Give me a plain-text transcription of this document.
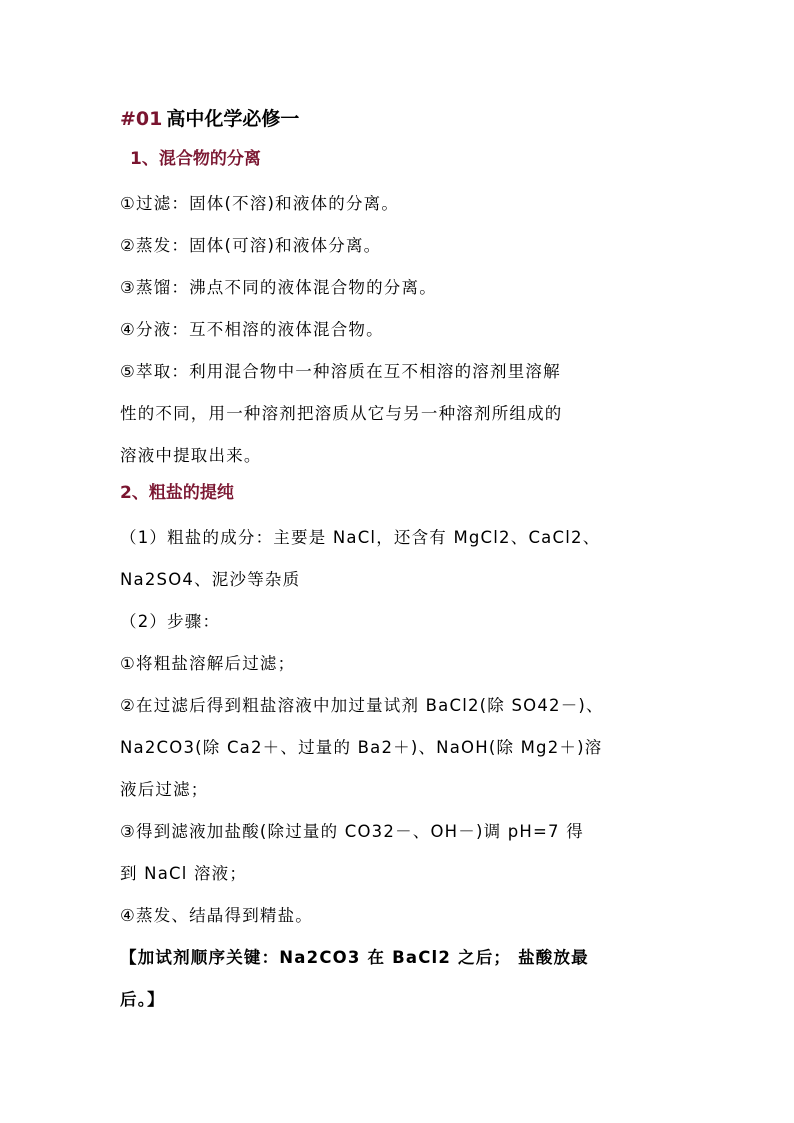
#01 高中化学必修一
1、混合物的分离
①过滤：固体(不溶)和液体的分离。
②蒸发：固体(可溶)和液体分离。
③蒸馏：沸点不同的液体混合物的分离。
④分液：互不相溶的液体混合物。
⑤萃取：利用混合物中一种溶质在互不相溶的溶剂里溶解
性的不同，用一种溶剂把溶质从它与另一种溶剂所组成的
溶液中提取出来。
2、粗盐的提纯
（1）粗盐的成分：主要是 NaCl，还含有 MgCl2、CaCl2、
Na2SO4、泥沙等杂质
（2）步骤：
①将粗盐溶解后过滤；
②在过滤后得到粗盐溶液中加过量试剂 BaCl2(除 SO42－)、
Na2CO3(除 Ca2＋、过量的 Ba2＋)、NaOH(除 Mg2＋)溶
液后过滤；
③得到滤液加盐酸(除过量的 CO32－、OH－)调 pH=7 得
到 NaCl 溶液；
④蒸发、结晶得到精盐。
【加试剂顺序关键：Na2CO3 在 BaCl2 之后； 盐酸放最
后。】
